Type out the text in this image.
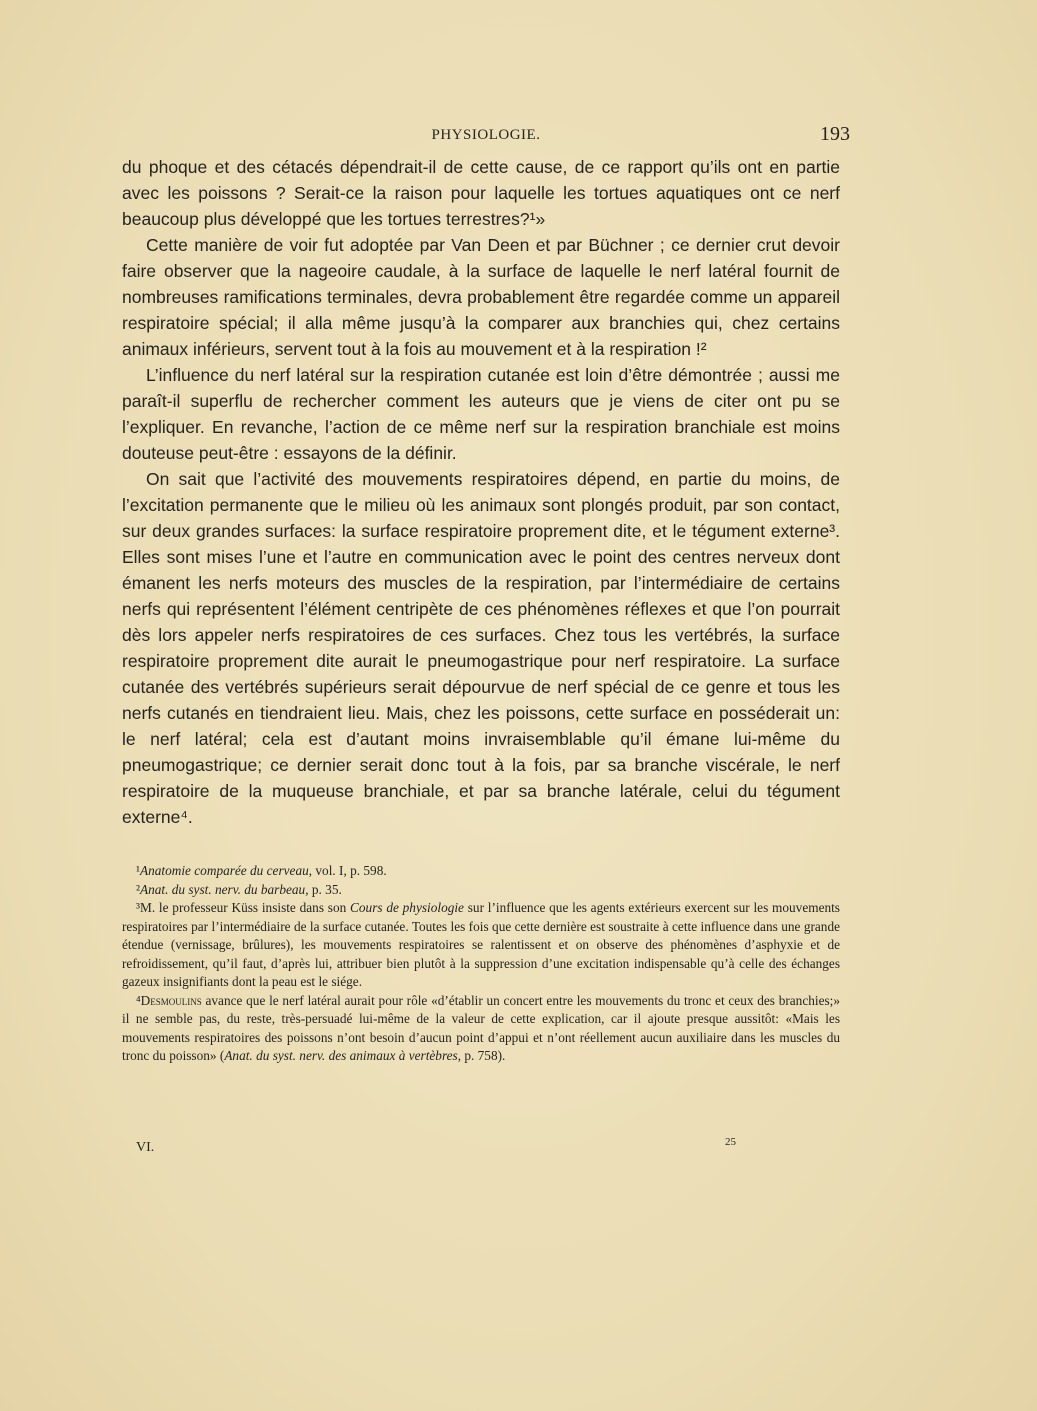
PHYSIOLOGIE.	193

du phoque et des cétacés dépendrait-il de cette cause, de ce rapport qu’ils ont en partie avec les poissons ? Serait-ce la raison pour laquelle les tortues aquatiques ont ce nerf beaucoup plus développé que les tortues terrestres?¹»

Cette manière de voir fut adoptée par Van Deen et par Büchner ; ce dernier crut devoir faire observer que la nageoire caudale, à la surface de laquelle le nerf latéral fournit de nombreuses ramifications terminales, devra probablement être regardée comme un appareil respiratoire spécial; il alla même jusqu’à la comparer aux branchies qui, chez certains animaux inférieurs, servent tout à la fois au mouvement et à la respiration !²

L’influence du nerf latéral sur la respiration cutanée est loin d’être démontrée ; aussi me paraît-il superflu de rechercher comment les auteurs que je viens de citer ont pu se l’expliquer. En revanche, l’action de ce même nerf sur la respiration branchiale est moins douteuse peut-être : essayons de la définir.

On sait que l’activité des mouvements respiratoires dépend, en partie du moins, de l’excitation permanente que le milieu où les animaux sont plongés produit, par son contact, sur deux grandes surfaces: la surface respiratoire proprement dite, et le tégument externe³. Elles sont mises l’une et l’autre en communication avec le point des centres nerveux dont émanent les nerfs moteurs des muscles de la respiration, par l’intermédiaire de certains nerfs qui représentent l’élément centripète de ces phénomènes réflexes et que l’on pourrait dès lors appeler nerfs respiratoires de ces surfaces. Chez tous les vertébrés, la surface respiratoire proprement dite aurait le pneumogastrique pour nerf respiratoire. La surface cutanée des vertébrés supérieurs serait dépourvue de nerf spécial de ce genre et tous les nerfs cutanés en tiendraient lieu. Mais, chez les poissons, cette surface en posséderait un: le nerf latéral; cela est d’autant moins invraisemblable qu’il émane lui-même du pneumogastrique; ce dernier serait donc tout à la fois, par sa branche viscérale, le nerf respiratoire de la muqueuse branchiale, et par sa branche latérale, celui du tégument externe⁴.

¹Anatomie comparée du cerveau, vol. I, p. 598.

²Anat. du syst. nerv. du barbeau, p. 35.

³M. le professeur Küss insiste dans son Cours de physiologie sur l’influence que les agents extérieurs exercent sur les mouvements respiratoires par l’intermédiaire de la surface cutanée. Toutes les fois que cette dernière est soustraite à cette influence dans une grande étendue (vernissage, brûlures), les mouvements respiratoires se ralentissent et on observe des phénomènes d’asphyxie et de refroidissement, qu’il faut, d’après lui, attribuer bien plutôt à la suppression d’une excitation indispensable qu’à celle des échanges gazeux insignifiants dont la peau est le siége.

⁴Desmoulins avance que le nerf latéral aurait pour rôle «d’établir un concert entre les mouvements du tronc et ceux des branchies;» il ne semble pas, du reste, très-persuadé lui-même de la valeur de cette explication, car il ajoute presque aussitôt: «Mais les mouvements respiratoires des poissons n’ont besoin d’aucun point d’appui et n’ont réellement aucun auxiliaire dans les muscles du tronc du poisson» (Anat. du syst. nerv. des animaux à vertèbres, p. 758).

VI.	25
